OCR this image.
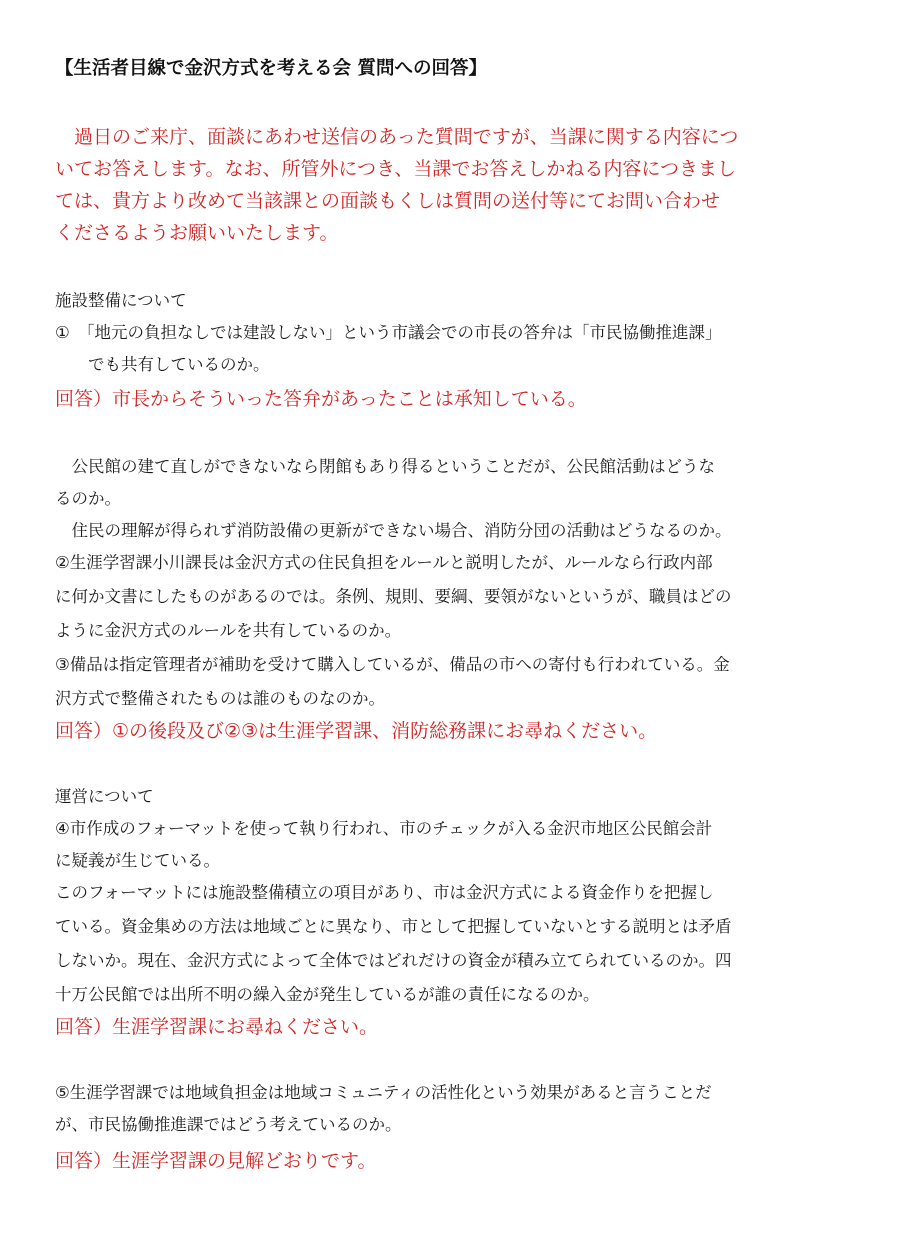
【生活者目線で金沢方式を考える会 質問への回答】
　過日のご来庁、面談にあわせ送信のあった質問ですが、当課に関する内容につ
いてお答えします。なお、所管外につき、当課でお答えしかねる内容につきまし
ては、貴方より改めて当該課との面談もくしは質問の送付等にてお問い合わせ
くださるようお願いいたします。
施設整備について
①　「地元の負担なしでは建設しない」という市議会での市長の答弁は「市民協働推進課」
　　でも共有しているのか。
回答）市長からそういった答弁があったことは承知している。
　公民館の建て直しができないなら閉館もあり得るということだが、公民館活動はどうな
るのか。
　住民の理解が得られず消防設備の更新ができない場合、消防分団の活動はどうなるのか。
②生涯学習課小川課長は金沢方式の住民負担をルールと説明したが、ルールなら行政内部
に何か文書にしたものがあるのでは。条例、規則、要綱、要領がないというが、職員はどの
ように金沢方式のルールを共有しているのか。
③備品は指定管理者が補助を受けて購入しているが、備品の市への寄付も行われている。金
沢方式で整備されたものは誰のものなのか。
回答）①の後段及び②③は生涯学習課、消防総務課にお尋ねください。
運営について
④市作成のフォーマットを使って執り行われ、市のチェックが入る金沢市地区公民館会計
に疑義が生じている。
このフォーマットには施設整備積立の項目があり、市は金沢方式による資金作りを把握し
ている。資金集めの方法は地域ごとに異なり、市として把握していないとする説明とは矛盾
しないか。現在、金沢方式によって全体ではどれだけの資金が積み立てられているのか。四
十万公民館では出所不明の繰入金が発生しているが誰の責任になるのか。
回答）生涯学習課にお尋ねください。
⑤生涯学習課では地域負担金は地域コミュニティの活性化という効果があると言うことだ
が、市民協働推進課ではどう考えているのか。
回答）生涯学習課の見解どおりです。
